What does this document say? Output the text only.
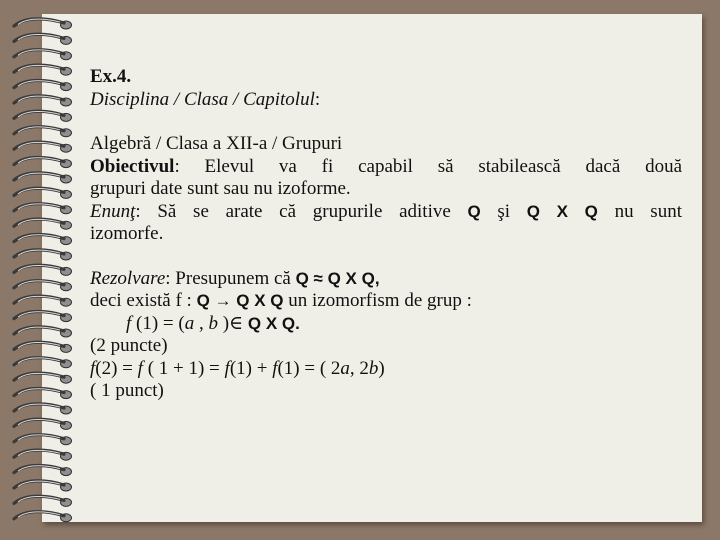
Ex.4.
Disciplina / Clasa / Capitolul:
Algebră / Clasa a XII-a / Grupuri
Obiectivul: Elevul va fi capabil să stabilească dacă două
grupuri date sunt sau nu izoforme.
Enunţ: Să se arate că grupurile aditive Q şi Q X Q nu sunt
izomorfe.
Rezolvare: Presupunem că Q ≈ Q X Q,
deci există f : Q → Q X Q un izomorfism de grup :
f (1) = (a , b )∈ Q X Q.
(2 puncte)
f(2) = f ( 1 + 1) = f(1) + f(1) = ( 2a, 2b)
( 1 punct)
